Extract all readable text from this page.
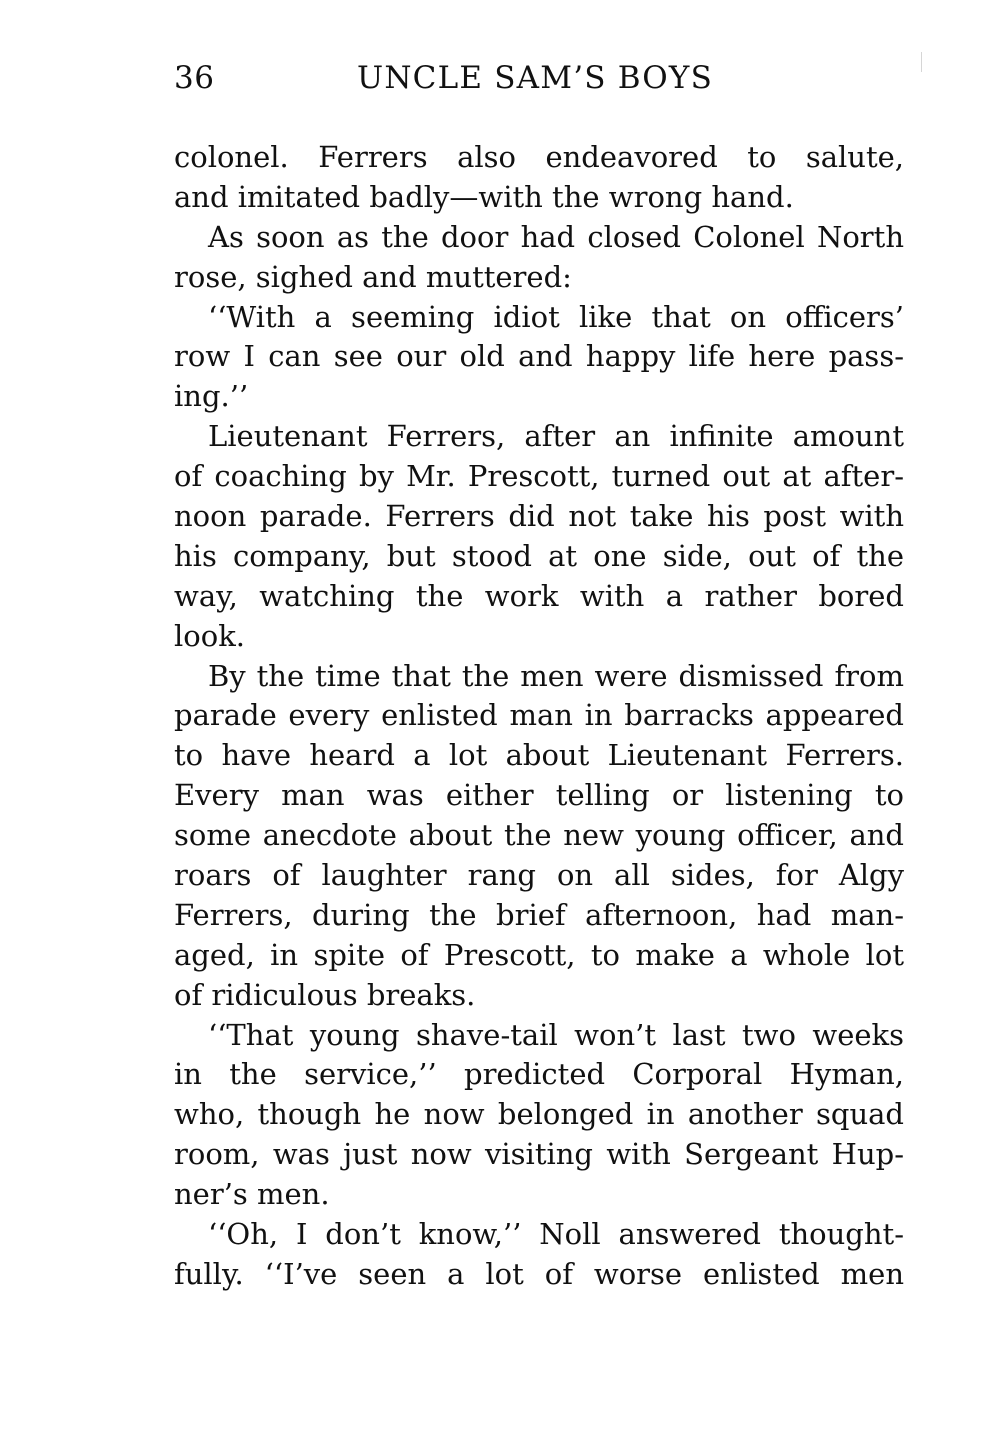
36	UNCLE SAM’S BOYS
colonel. Ferrers also endeavored to salute,
and imitated badly—with the wrong hand.
As soon as the door had closed Colonel North
rose, sighed and muttered:
‘‘With a seeming idiot like that on officers’
row I can see our old and happy life here pass-
ing.’’
Lieutenant Ferrers, after an infinite amount
of coaching by Mr. Prescott, turned out at after-
noon parade. Ferrers did not take his post with
his company, but stood at one side, out of the
way, watching the work with a rather bored
look.
By the time that the men were dismissed from
parade every enlisted man in barracks appeared
to have heard a lot about Lieutenant Ferrers.
Every man was either telling or listening to
some anecdote about the new young officer, and
roars of laughter rang on all sides, for Algy
Ferrers, during the brief afternoon, had man-
aged, in spite of Prescott, to make a whole lot
of ridiculous breaks.
‘‘That young shave-tail won’t last two weeks
in the service,’’ predicted Corporal Hyman,
who, though he now belonged in another squad
room, was just now visiting with Sergeant Hup-
ner’s men.
‘‘Oh, I don’t know,’’ Noll answered thought-
fully. ‘‘I’ve seen a lot of worse enlisted men
